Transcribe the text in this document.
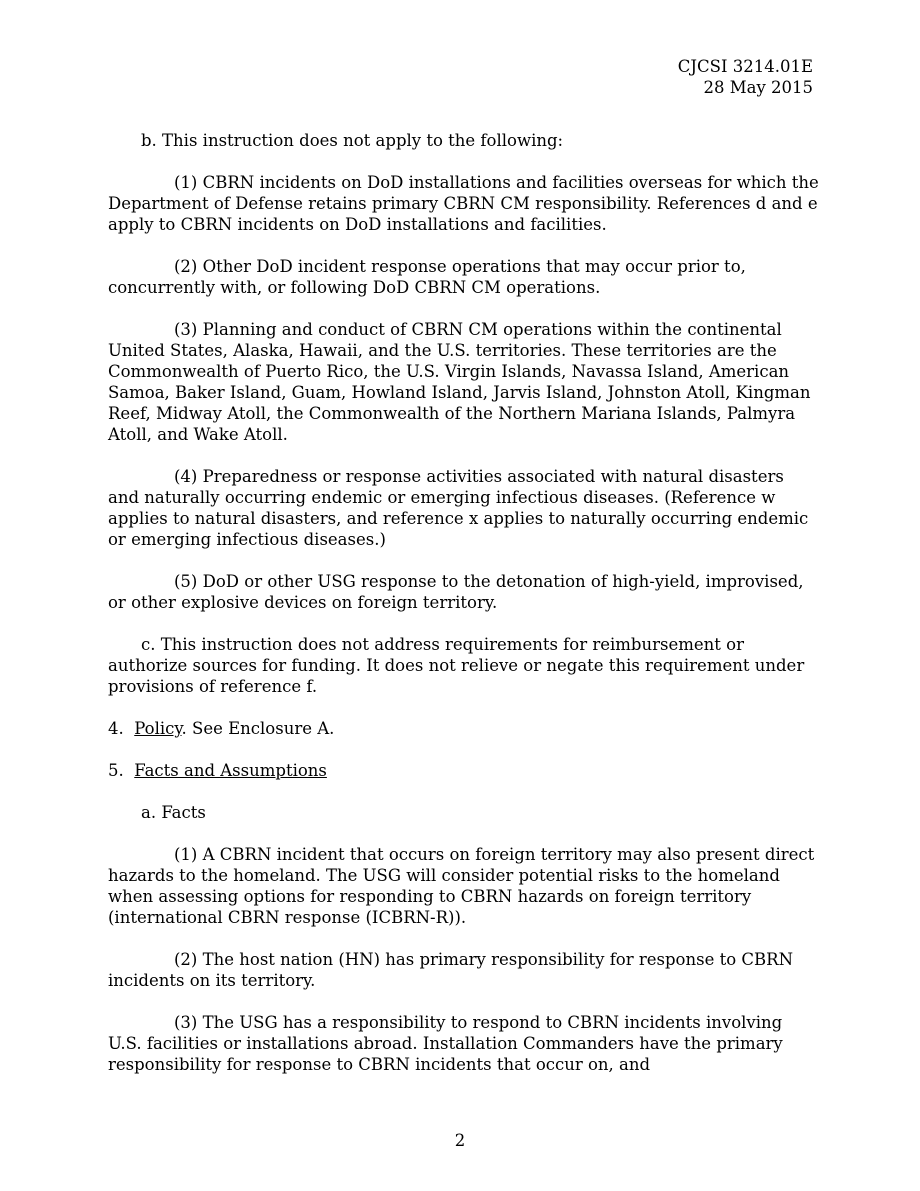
CJCSI 3214.01E
28 May 2015

b. This instruction does not apply to the following:

(1) CBRN incidents on DoD installations and facilities overseas for which the Department of Defense retains primary CBRN CM responsibility. References d and e apply to CBRN incidents on DoD installations and facilities.

(2) Other DoD incident response operations that may occur prior to, concurrently with, or following DoD CBRN CM operations.

(3) Planning and conduct of CBRN CM operations within the continental United States, Alaska, Hawaii, and the U.S. territories. These territories are the Commonwealth of Puerto Rico, the U.S. Virgin Islands, Navassa Island, American Samoa, Baker Island, Guam, Howland Island, Jarvis Island, Johnston Atoll, Kingman Reef, Midway Atoll, the Commonwealth of the Northern Mariana Islands, Palmyra Atoll, and Wake Atoll.

(4) Preparedness or response activities associated with natural disasters and naturally occurring endemic or emerging infectious diseases. (Reference w applies to natural disasters, and reference x applies to naturally occurring endemic or emerging infectious diseases.)

(5) DoD or other USG response to the detonation of high-yield, improvised, or other explosive devices on foreign territory.

c. This instruction does not address requirements for reimbursement or authorize sources for funding. It does not relieve or negate this requirement under provisions of reference f.

4. Policy. See Enclosure A.

5. Facts and Assumptions

a. Facts

(1) A CBRN incident that occurs on foreign territory may also present direct hazards to the homeland. The USG will consider potential risks to the homeland when assessing options for responding to CBRN hazards on foreign territory (international CBRN response (ICBRN-R)).

(2) The host nation (HN) has primary responsibility for response to CBRN incidents on its territory.

(3) The USG has a responsibility to respond to CBRN incidents involving U.S. facilities or installations abroad. Installation Commanders have the primary responsibility for response to CBRN incidents that occur on, and

2
